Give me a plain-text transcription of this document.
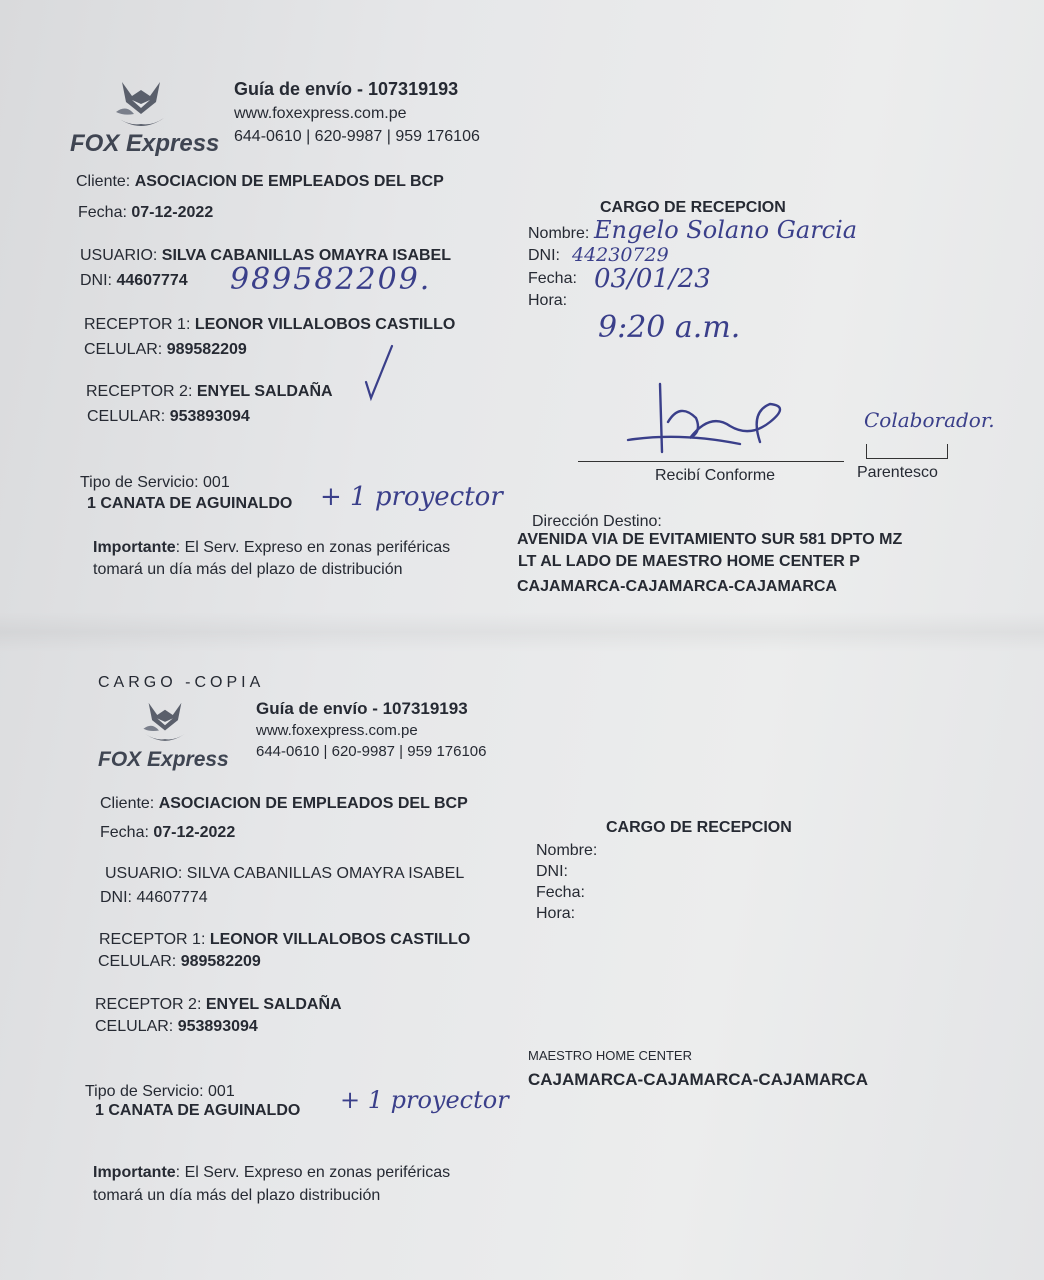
FOX Express
Guía de envío - 107319193
www.foxexpress.com.pe
644-0610 | 620-9987 | 959 176106
Cliente: ASOCIACION DE EMPLEADOS DEL BCP
Fecha: 07-12-2022
USUARIO: SILVA CABANILLAS OMAYRA ISABEL
DNI: 44607774 989582209.
RECEPTOR 1: LEONOR VILLALOBOS CASTILLO
CELULAR: 989582209
RECEPTOR 2: ENYEL SALDAÑA
CELULAR: 953893094
Tipo de Servicio: 001
1 CANATA DE AGUINALDO + 1 proyector
Importante: El Serv. Expreso en zonas periféricas
tomará un día más del plazo de distribución
CARGO DE RECEPCION
Nombre: Engelo Solano Garcia
DNI: 44230729
Fecha: 03/01/23
Hora:
9:20 a.m.
Recibí Conforme
Colaborador.
Parentesco
Dirección Destino:
AVENIDA VIA DE EVITAMIENTO SUR 581 DPTO MZ
LT AL LADO DE MAESTRO HOME CENTER P
CAJAMARCA-CAJAMARCA-CAJAMARCA
CARGO -COPIA
FOX Express
Guía de envío - 107319193
www.foxexpress.com.pe
644-0610 | 620-9987 | 959 176106
Cliente: ASOCIACION DE EMPLEADOS DEL BCP
Fecha: 07-12-2022
USUARIO: SILVA CABANILLAS OMAYRA ISABEL
DNI: 44607774
RECEPTOR 1: LEONOR VILLALOBOS CASTILLO
CELULAR: 989582209
RECEPTOR 2: ENYEL SALDAÑA
CELULAR: 953893094
Tipo de Servicio: 001
1 CANATA DE AGUINALDO + 1 proyector
Importante: El Serv. Expreso en zonas periféricas
tomará un día más del plazo distribución
CARGO DE RECEPCION
Nombre:
DNI:
Fecha:
Hora:
MAESTRO HOME CENTER
CAJAMARCA-CAJAMARCA-CAJAMARCA
